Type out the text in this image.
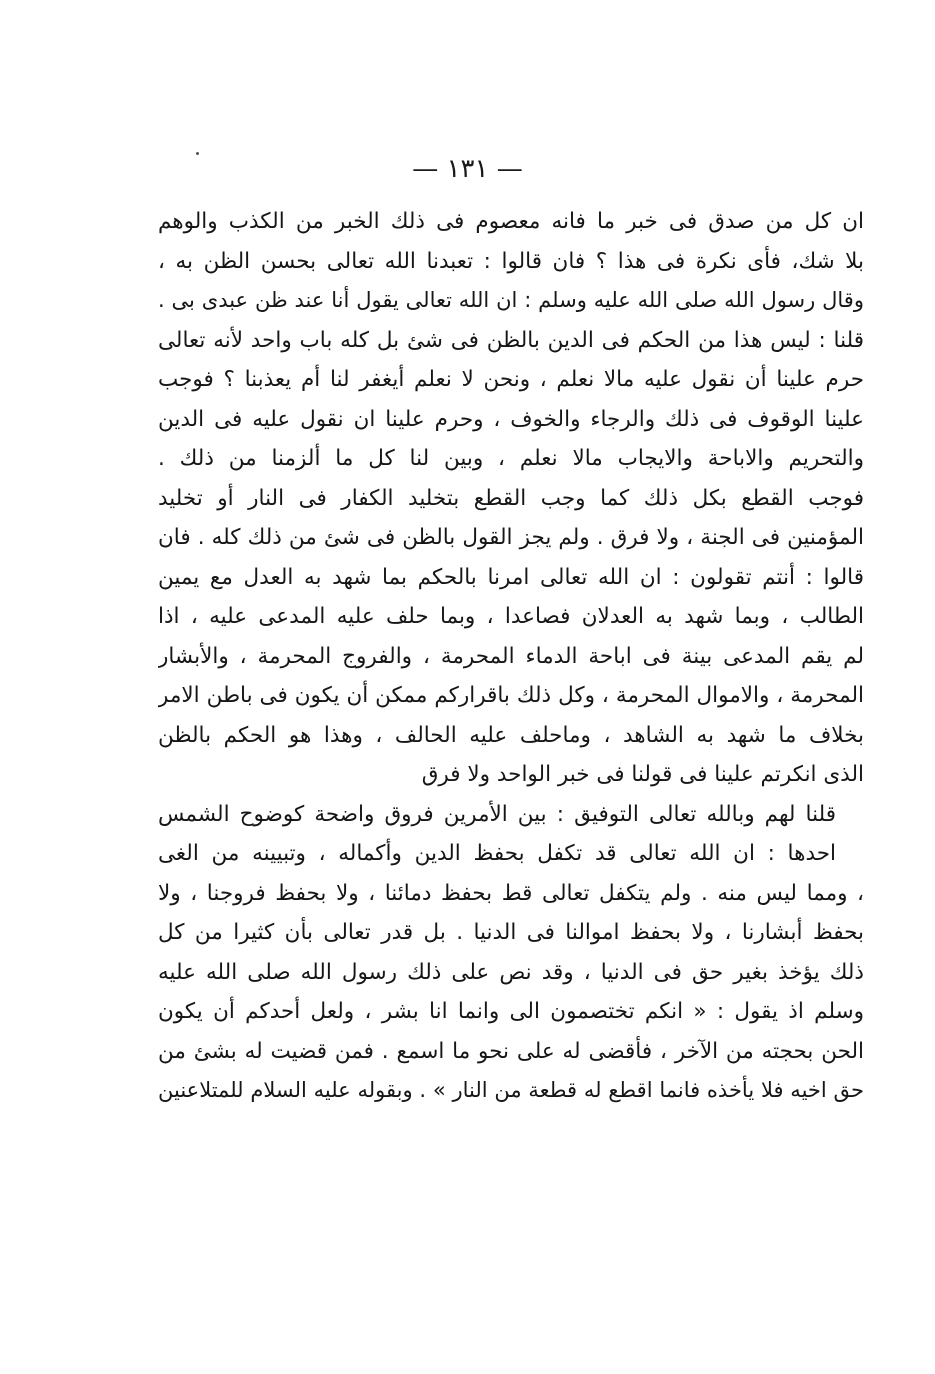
— ١٣١ —
ان كل من صدق فى خبر ما فانه معصوم فى ذلك الخبر من الكذب والوهم
بلا شك، فأى نكرة فى هذا ؟ فان قالوا : تعبدنا الله تعالى بحسن الظن به ،
وقال رسول الله صلى الله عليه وسلم : ان الله تعالى يقول أنا عند ظن عبدى بى .
قلنا : ليس هذا من الحكم فى الدين بالظن فى شئ بل كله باب واحد لأنه تعالى
حرم علينا أن نقول عليه مالا نعلم ، ونحن لا نعلم أيغفر لنا أم يعذبنا ؟ فوجب
علينا الوقوف فى ذلك والرجاء والخوف ، وحرم علينا ان نقول عليه فى الدين
والتحريم والاباحة والايجاب مالا نعلم ، وبين لنا كل ما ألزمنا من ذلك .
فوجب القطع بكل ذلك كما وجب القطع بتخليد الكفار فى النار أو تخليد
المؤمنين فى الجنة ، ولا فرق . ولم يجز القول بالظن فى شئ من ذلك كله . فان
قالوا : أنتم تقولون : ان الله تعالى امرنا بالحكم بما شهد به العدل مع يمين
الطالب ، وبما شهد به العدلان فصاعدا ، وبما حلف عليه المدعى عليه ، اذا
لم يقم المدعى بينة فى اباحة الدماء المحرمة ، والفروج المحرمة ، والأبشار
المحرمة ، والاموال المحرمة ، وكل ذلك باقراركم ممكن أن يكون فى باطن الامر
بخلاف ما شهد به الشاهد ، وماحلف عليه الحالف ، وهذا هو الحكم بالظن
الذى انكرتم علينا فى قولنا فى خبر الواحد ولا فرق
قلنا لهم وبالله تعالى التوفيق : بين الأمرين فروق واضحة كوضوح الشمس
احدها : ان الله تعالى قد تكفل بحفظ الدين وأكماله ، وتبيينه من الغى
، ومما ليس منه . ولم يتكفل تعالى قط بحفظ دمائنا ، ولا بحفظ فروجنا ، ولا
بحفظ أبشارنا ، ولا بحفظ اموالنا فى الدنيا . بل قدر تعالى بأن كثيرا من كل
ذلك يؤخذ بغير حق فى الدنيا ، وقد نص على ذلك رسول الله صلى الله عليه
وسلم اذ يقول : « انكم تختصمون الى وانما انا بشر ، ولعل أحدكم أن يكون
الحن بحجته من الآخر ، فأقضى له على نحو ما اسمع . فمن قضيت له بشئ من
حق اخيه فلا يأخذه فانما اقطع له قطعة من النار » . وبقوله عليه السلام للمتلاعنين
